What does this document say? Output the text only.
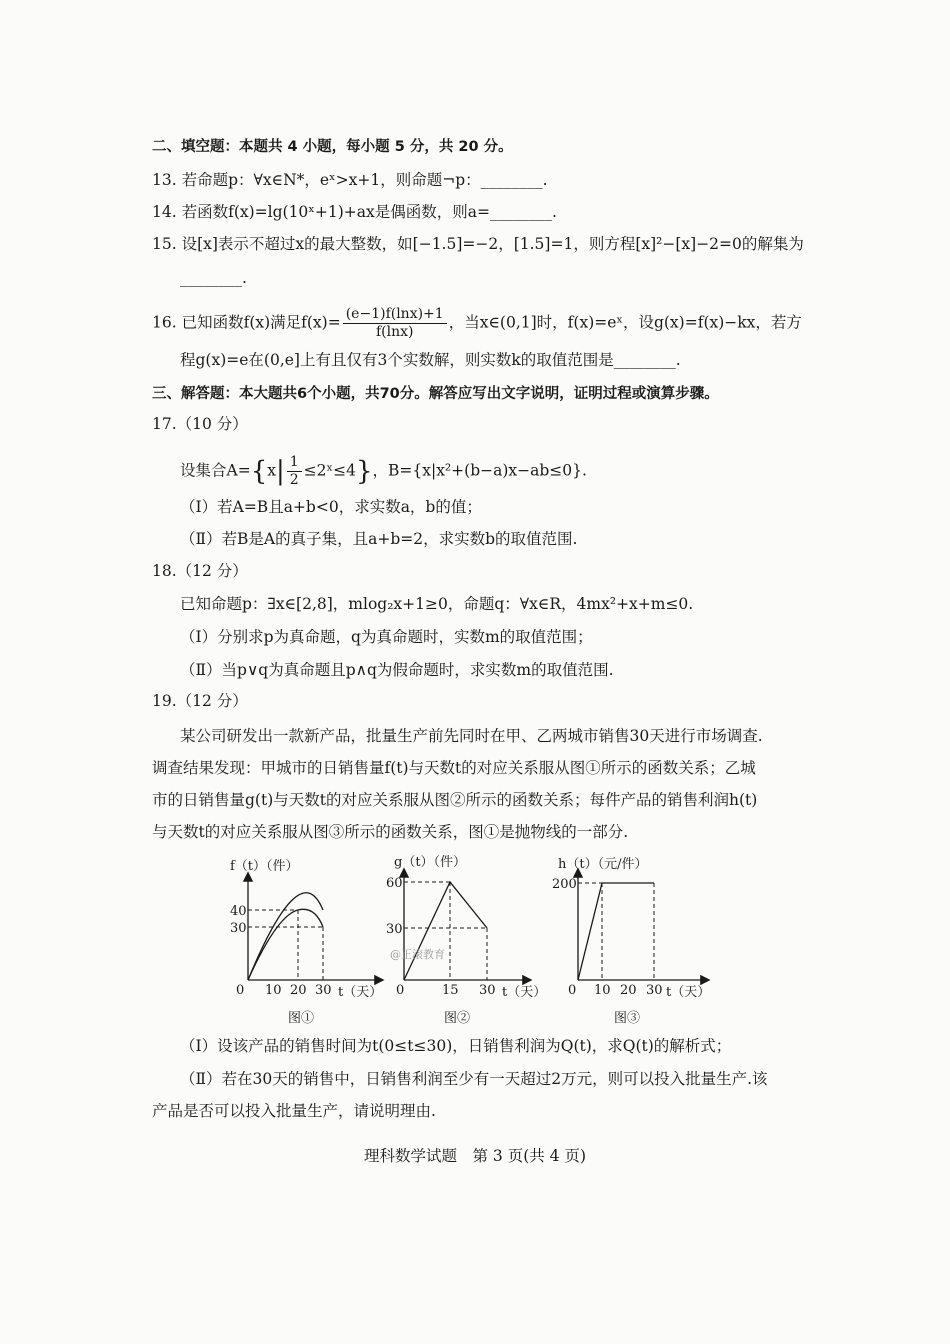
二、填空题：本题共 4 小题，每小题 5 分，共 20 分。
13. 若命题p：∀x∈N*，eˣ>x+1，则命题¬p：________.
14. 若函数f(x)=lg(10ˣ+1)+ax是偶函数，则a=________.
15. 设[x]表示不超过x的最大整数，如[−1.5]=−2，[1.5]=1，则方程[x]²−[x]−2=0的解集为
________.
16. 已知函数f(x)满足$f(x)= \frac{(e-1)f(\ln x)+1}{f(\ln x)}$ ，当x∈(0,1]时，f(x)=eˣ，设g(x)=f(x)−kx，若方
程g(x)=e在(0,e]上有且仅有3个实数解，则实数k的取值范围是________.
三、解答题：本大题共6个小题，共70分。解答应写出文字说明，证明过程或演算步骤。
17.（10 分）
设集合$A=\{x| \frac{1}{2}$ ≤2ˣ≤4}，B={x|x²+(b−a)x−ab≤0}.
（Ⅰ）若A=B且a+b<0，求实数a，b的值；
（Ⅱ）若B是A的真子集，且a+b=2，求实数b的取值范围.
18.（12 分）
已知命题p：∃x∈[2,8]，mlog₂x+1≥0，命题q：∀x∈R，4mx²+x+m≤0.
（Ⅰ）分别求p为真命题，q为真命题时，实数m的取值范围；
（Ⅱ）当p∨q为真命题且p∧q为假命题时，求实数m的取值范围.
19.（12 分）
某公司研发出一款新产品，批量生产前先同时在甲、乙两城市销售30天进行市场调查.
调查结果发现：甲城市的日销售量f(t)与天数t的对应关系服从图①所示的函数关系；乙城
市的日销售量g(t)与天数t的对应关系服从图②所示的函数关系；每件产品的销售利润h(t)
与天数t的对应关系服从图③所示的函数关系，图①是抛物线的一部分.
f（t）（件）
40
30
0 10 20 30 t（天）
图①
g（t）（件）
60
30
0	15 30 t（天）
图②
@正滚教育
h（t）（元/件）
200
0 10 20 30 t（天）
图③
（Ⅰ）设该产品的销售时间为t(0≤t≤30)，日销售利润为Q(t)，求Q(t)的解析式；
（Ⅱ）若在30天的销售中，日销售利润至少有一天超过2万元，则可以投入批量生产.该
产品是否可以投入批量生产，请说明理由.
理科数学试题　第 3 页(共 4 页)
